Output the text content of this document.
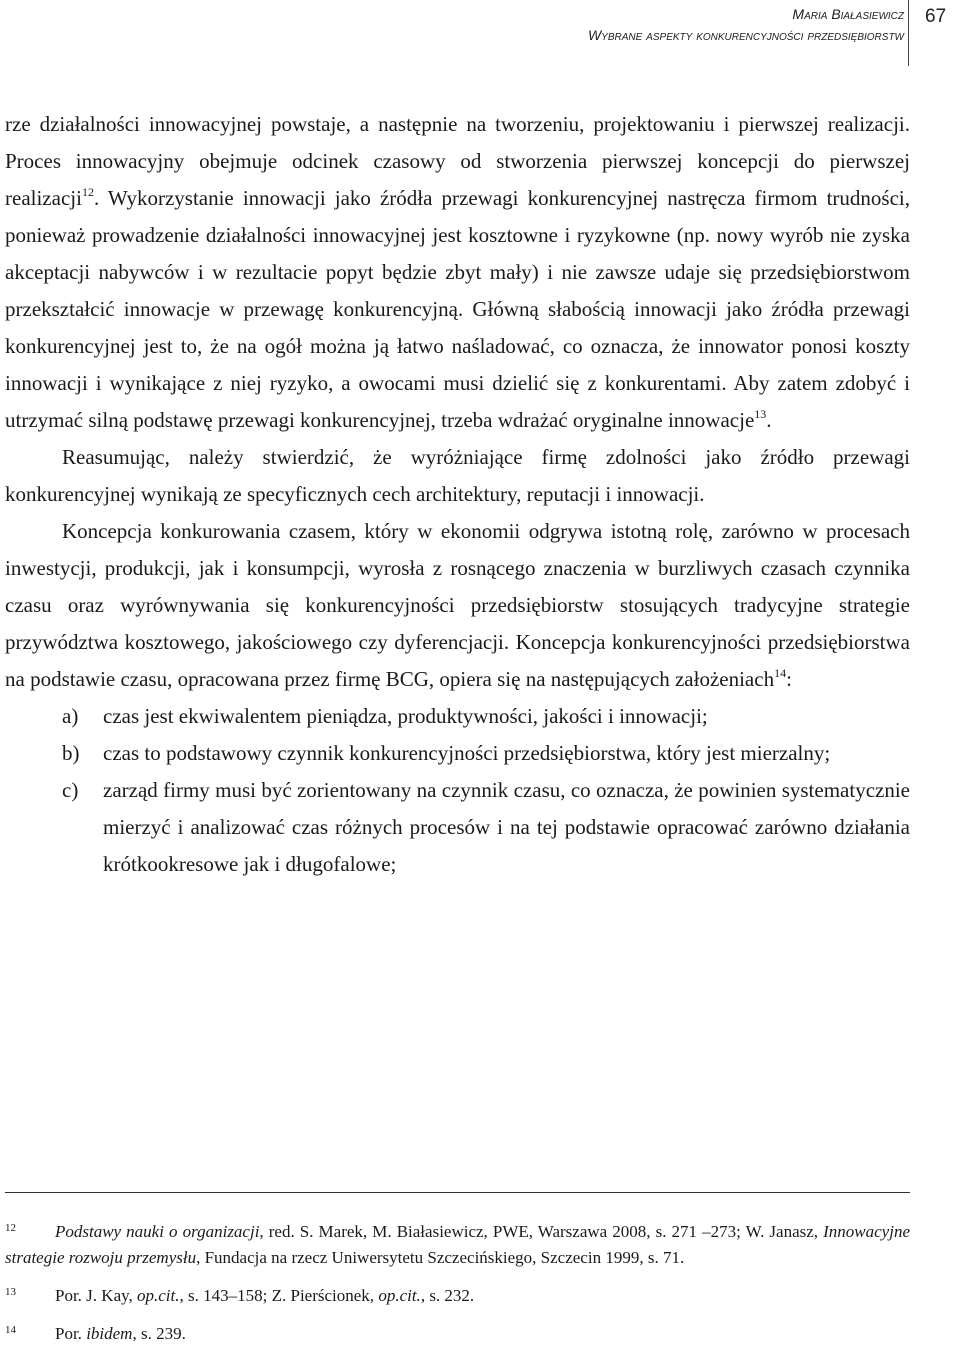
Maria Białasiewicz
Wybrane aspekty konkurencyjności przedsiębiorstw
67

rze działalności innowacyjnej powstaje, a następnie na tworzeniu, projektowaniu i pierwszej realizacji. Proces innowacyjny obejmuje odcinek czasowy od stworzenia pierwszej koncepcji do pierwszej realizacji$^{12}$. Wykorzystanie innowacji jako źródła przewagi konkurencyjnej nastręcza firmom trudności, ponieważ prowadzenie działalności innowacyjnej jest kosztowne i ryzykowne (np. nowy wyrób nie zyska akceptacji nabywców i w rezultacie popyt będzie zbyt mały) i nie zawsze udaje się przedsiębiorstwom przekształcić innowacje w przewagę konkurencyjną. Główną słabością innowacji jako źródła przewagi konkurencyjnej jest to, że na ogół można ją łatwo naśladować, co oznacza, że innowator ponosi koszty innowacji i wynikające z niej ryzyko, a owocami musi dzielić się z konkurentami. Aby zatem zdobyć i utrzymać silną podstawę przewagi konkurencyjnej, trzeba wdrażać oryginalne innowacje$^{13}$.

Reasumując, należy stwierdzić, że wyróżniające firmę zdolności jako źródło przewagi konkurencyjnej wynikają ze specyficznych cech architektury, reputacji i innowacji.

Koncepcja konkurowania czasem, który w ekonomii odgrywa istotną rolę, zarówno w procesach inwestycji, produkcji, jak i konsumpcji, wyrosła z rosnącego znaczenia w burzliwych czasach czynnika czasu oraz wyrównywania się konkurencyjności przedsiębiorstw stosujących tradycyjne strategie przywództwa kosztowego, jakościowego czy dyferencjacji. Koncepcja konkurencyjności przedsiębiorstwa na podstawie czasu, opracowana przez firmę BCG, opiera się na następujących założeniach$^{14}$:

a)	czas jest ekwiwalentem pieniądza, produktywności, jakości i innowacji;
b)	czas to podstawowy czynnik konkurencyjności przedsiębiorstwa, który jest mierzalny;
c)	zarząd firmy musi być zorientowany na czynnik czasu, co oznacza, że powinien systematycznie mierzyć i analizować czas różnych procesów i na tej podstawie opracować zarówno działania krótkookresowe jak i długofalowe;

$^{12}$ Podstawy nauki o organizacji, red. S. Marek, M. Białasiewicz, PWE, Warszawa 2008, s. 271 –273; W. Janasz, Innowacyjne strategie rozwoju przemysłu, Fundacja na rzecz Uniwersytetu Szczecińskiego, Szczecin 1999, s. 71.

$^{13}$ Por. J. Kay, op.cit., s. 143–158; Z. Pierścionek, op.cit., s. 232.

$^{14}$ Por. ibidem, s. 239.
